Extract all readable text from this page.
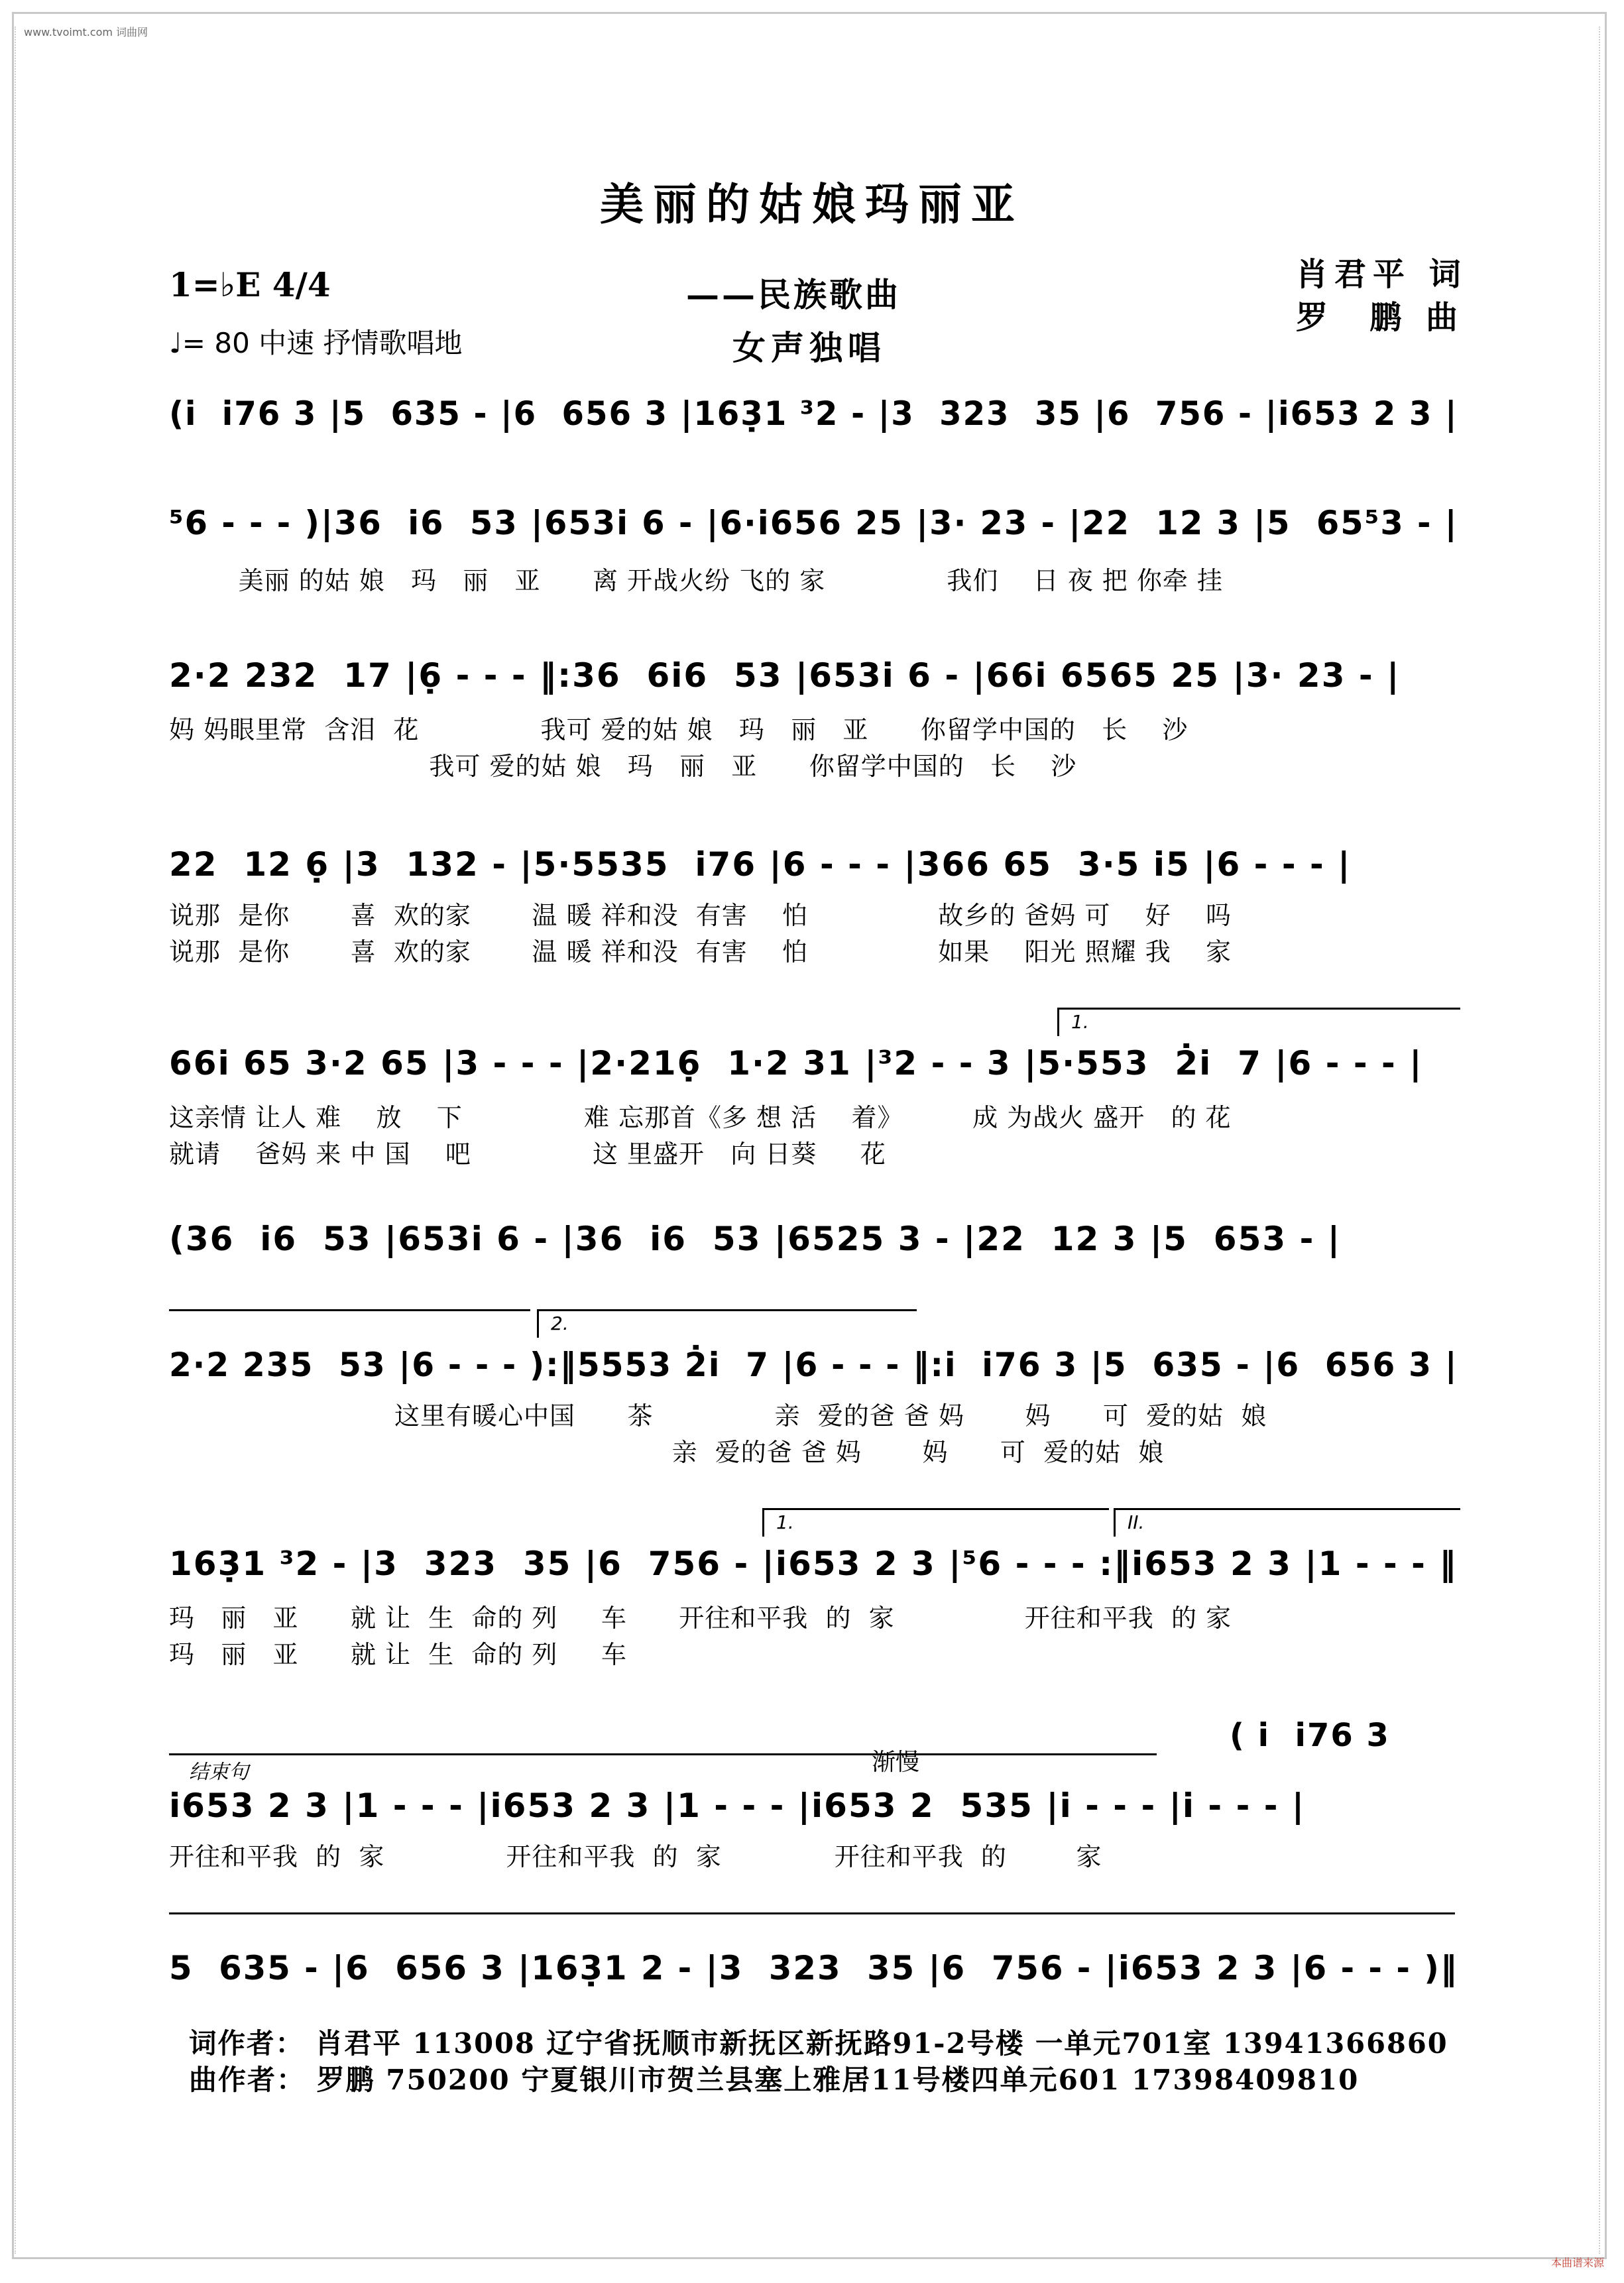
www.tvoimt.com 词曲网
本曲谱来源
美丽的姑娘玛丽亚
1=♭E 4/4
♩= 80 中速 抒情歌唱地
——民族歌曲
女声独唱
肖君平 词
罗  鹏 曲
(i̇  i̇76 3 |5  635 - |6  656 3 |163̣1 ³2 - |3  323  35 |6  756 - |i̇653 2 3 |
⁵6 - - - )|36  i̇6  53 |653i̇ 6 - |6·i̇656 25 |3· 23 - |22  12 3 |5  65⁵3 - |
美丽 的姑 娘   玛   丽   亚      离 开战火纷 飞的 家              我们    日 夜 把 你牵 挂
2·2 232  17 |6̣ - - - ‖:36  6i̇6  53 |653i̇ 6 - |66i̇ 6565 25 |3· 23 - |
妈 妈眼里常  含泪  花              我可 爱的姑 娘   玛   丽   亚      你留学中国的   长    沙
我可 爱的姑 娘   玛   丽   亚      你留学中国的   长    沙
22  12 6̣ |3  132 - |5·5535  i̇76 |6 - - - |366 65  3·5 i̇5 |6 - - - |
说那  是你       喜  欢的家       温 暖 祥和没  有害    怕               故乡的 爸妈 可    好    吗
说那  是你       喜  欢的家       温 暖 祥和没  有害    怕               如果    阳光 照耀 我    家
1.
66i̇ 65 3·2 65 |3 - - - |2·216̣  1·2 31 |³2 - - 3 |5·553  2̇i̇  7 |6 - - - |
这亲情 让人 难    放    下              难 忘那首《多 想 活    着》        成 为战火 盛开   的 花
就请    爸妈 来 中 国    吧              这 里盛开   向 日葵     花
(36  i̇6  53 |653i̇ 6 - |36  i̇6  53 |6525 3 - |22  12 3 |5  653 - |
2.
2·2 235  53 |6 - - - ):‖5553 2̇i̇  7 |6 - - - ‖:i̇  i̇76 3 |5  635 - |6  656 3 |
这里有暖心中国      茶              亲  爱的爸 爸 妈       妈      可  爱的姑  娘
亲  爱的爸 爸 妈       妈      可  爱的姑  娘
1.	II.
163̣1 ³2 - |3  323  35 |6  756 - |i̇653 2 3 |⁵6 - - - :‖i̇653 2 3 |1 - - - ‖
玛   丽   亚      就 让  生  命的 列     车      开往和平我  的  家               开往和平我  的 家
玛   丽   亚      就 让  生  命的 列     车
( i̇  i̇76 3
结束句	渐慢
i̇653 2 3 |1 - - - |i̇653 2 3 |1 - - - |i̇653 2  535 |i̇ - - - |i̇ - - - |
开往和平我  的  家              开往和平我  的  家             开往和平我  的        家
5  635 - |6  656 3 |163̣1 2 - |3  323  35 |6  756 - |i̇653 2 3 |6 - - - )‖
词作者： 肖君平 113008 辽宁省抚顺市新抚区新抚路91-2号楼 一单元701室 13941366860
曲作者： 罗鹏 750200 宁夏银川市贺兰县塞上雅居11号楼四单元601 17398409810
